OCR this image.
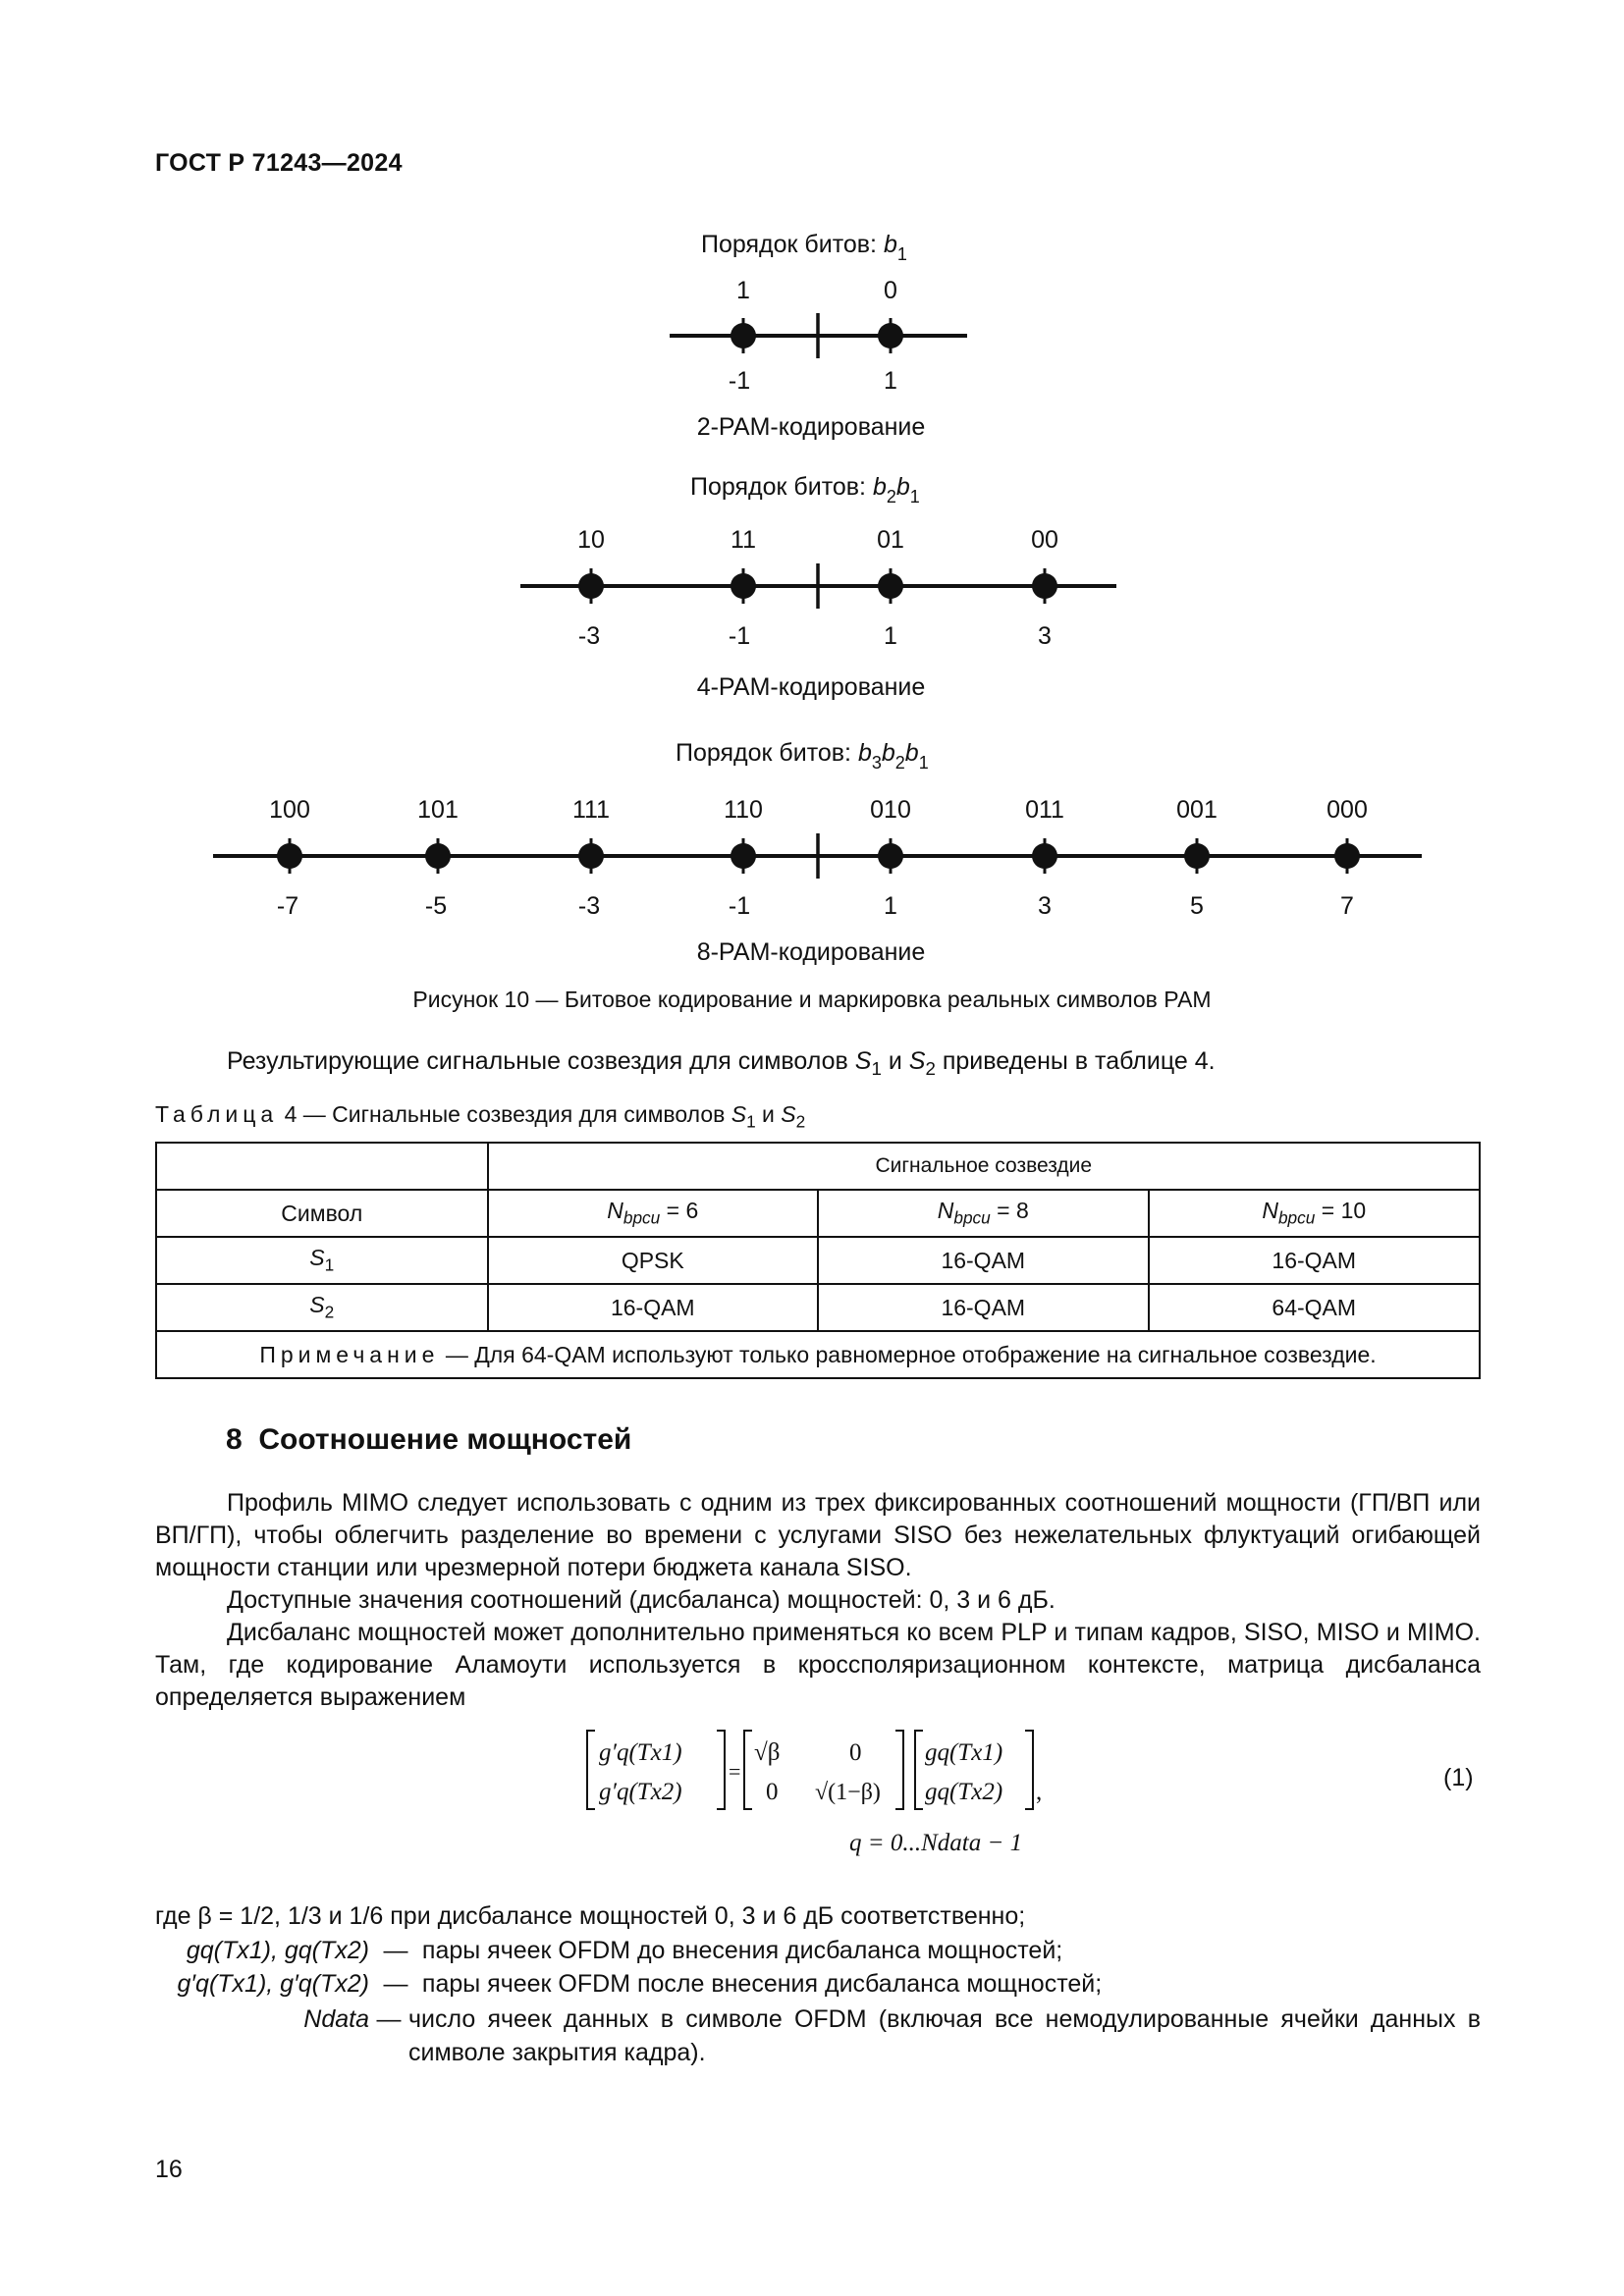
ГОСТ Р 71243—2024
Порядок битов: $b_1$
1	0
-1	1
2-РАМ-кодирование
Порядок битов: $b_2b_1$
10	11	01	00
-3	-1	1	3
4-РАМ-кодирование
Порядок битов: $b_3b_2b_1$
100	101	111	110	010	011	001	000
-7	-5	-3	-1	1	3	5	7
8-РАМ-кодирование
Рисунок 10 — Битовое кодирование и маркировка реальных символов РАМ
Результирующие сигнальные созвездия для символов $S_1$ и $S_2$ приведены в таблице 4.
Таблица 4 — Сигнальные созвездия для символов $S_1$ и $S_2$
	Сигнальное созвездие		
Символ	$N_{bpcu} = 6$	$N_{bpcu} = 8$	$N_{bpcu} = 10$
$S_1$	QPSK	16-QAM	16-QAM
$S_2$	16-QAM	16-QAM	64-QAM
Примечание — Для 64-QAM используют только равномерное отображение на сигнальное созвездие.			
8 Соотношение мощностей
Профиль MIMO следует использовать с одним из трех фиксированных соотношений мощности (ГП/ВП или ВП/ГП), чтобы облегчить разделение во времени с услугами SISO без нежелательных флуктуаций огибающей мощности станции или чрезмерной потери бюджета канала SISO.
Доступные значения соотношений (дисбаланса) мощностей: 0, 3 и 6 дБ.
Дисбаланс мощностей может дополнительно применяться ко всем PLP и типам кадров, SISO, MISO и MIMO. Там, где кодирование Аламоути используется в кроссполяризационном контексте, матрица дисбаланса определяется выражением
g′q(Tx1)
g′q(Tx2)
=
√β	0
0 √(1−β)
gq(Tx1)
gq(Tx2) ,
q = 0...Ndata − 1
(1)
где β = 1/2, 1/3 и 1/6 при дисбалансе мощностей 0, 3 и 6 дБ соответственно;
gq(Tx1), gq(Tx2) — пары ячеек OFDM до внесения дисбаланса мощностей;
g′q(Tx1), g′q(Tx2) — пары ячеек OFDM после внесения дисбаланса мощностей;
Ndata — число ячеек данных в символе OFDM (включая все немодулированные ячейки данных в символе закрытия кадра).
16
